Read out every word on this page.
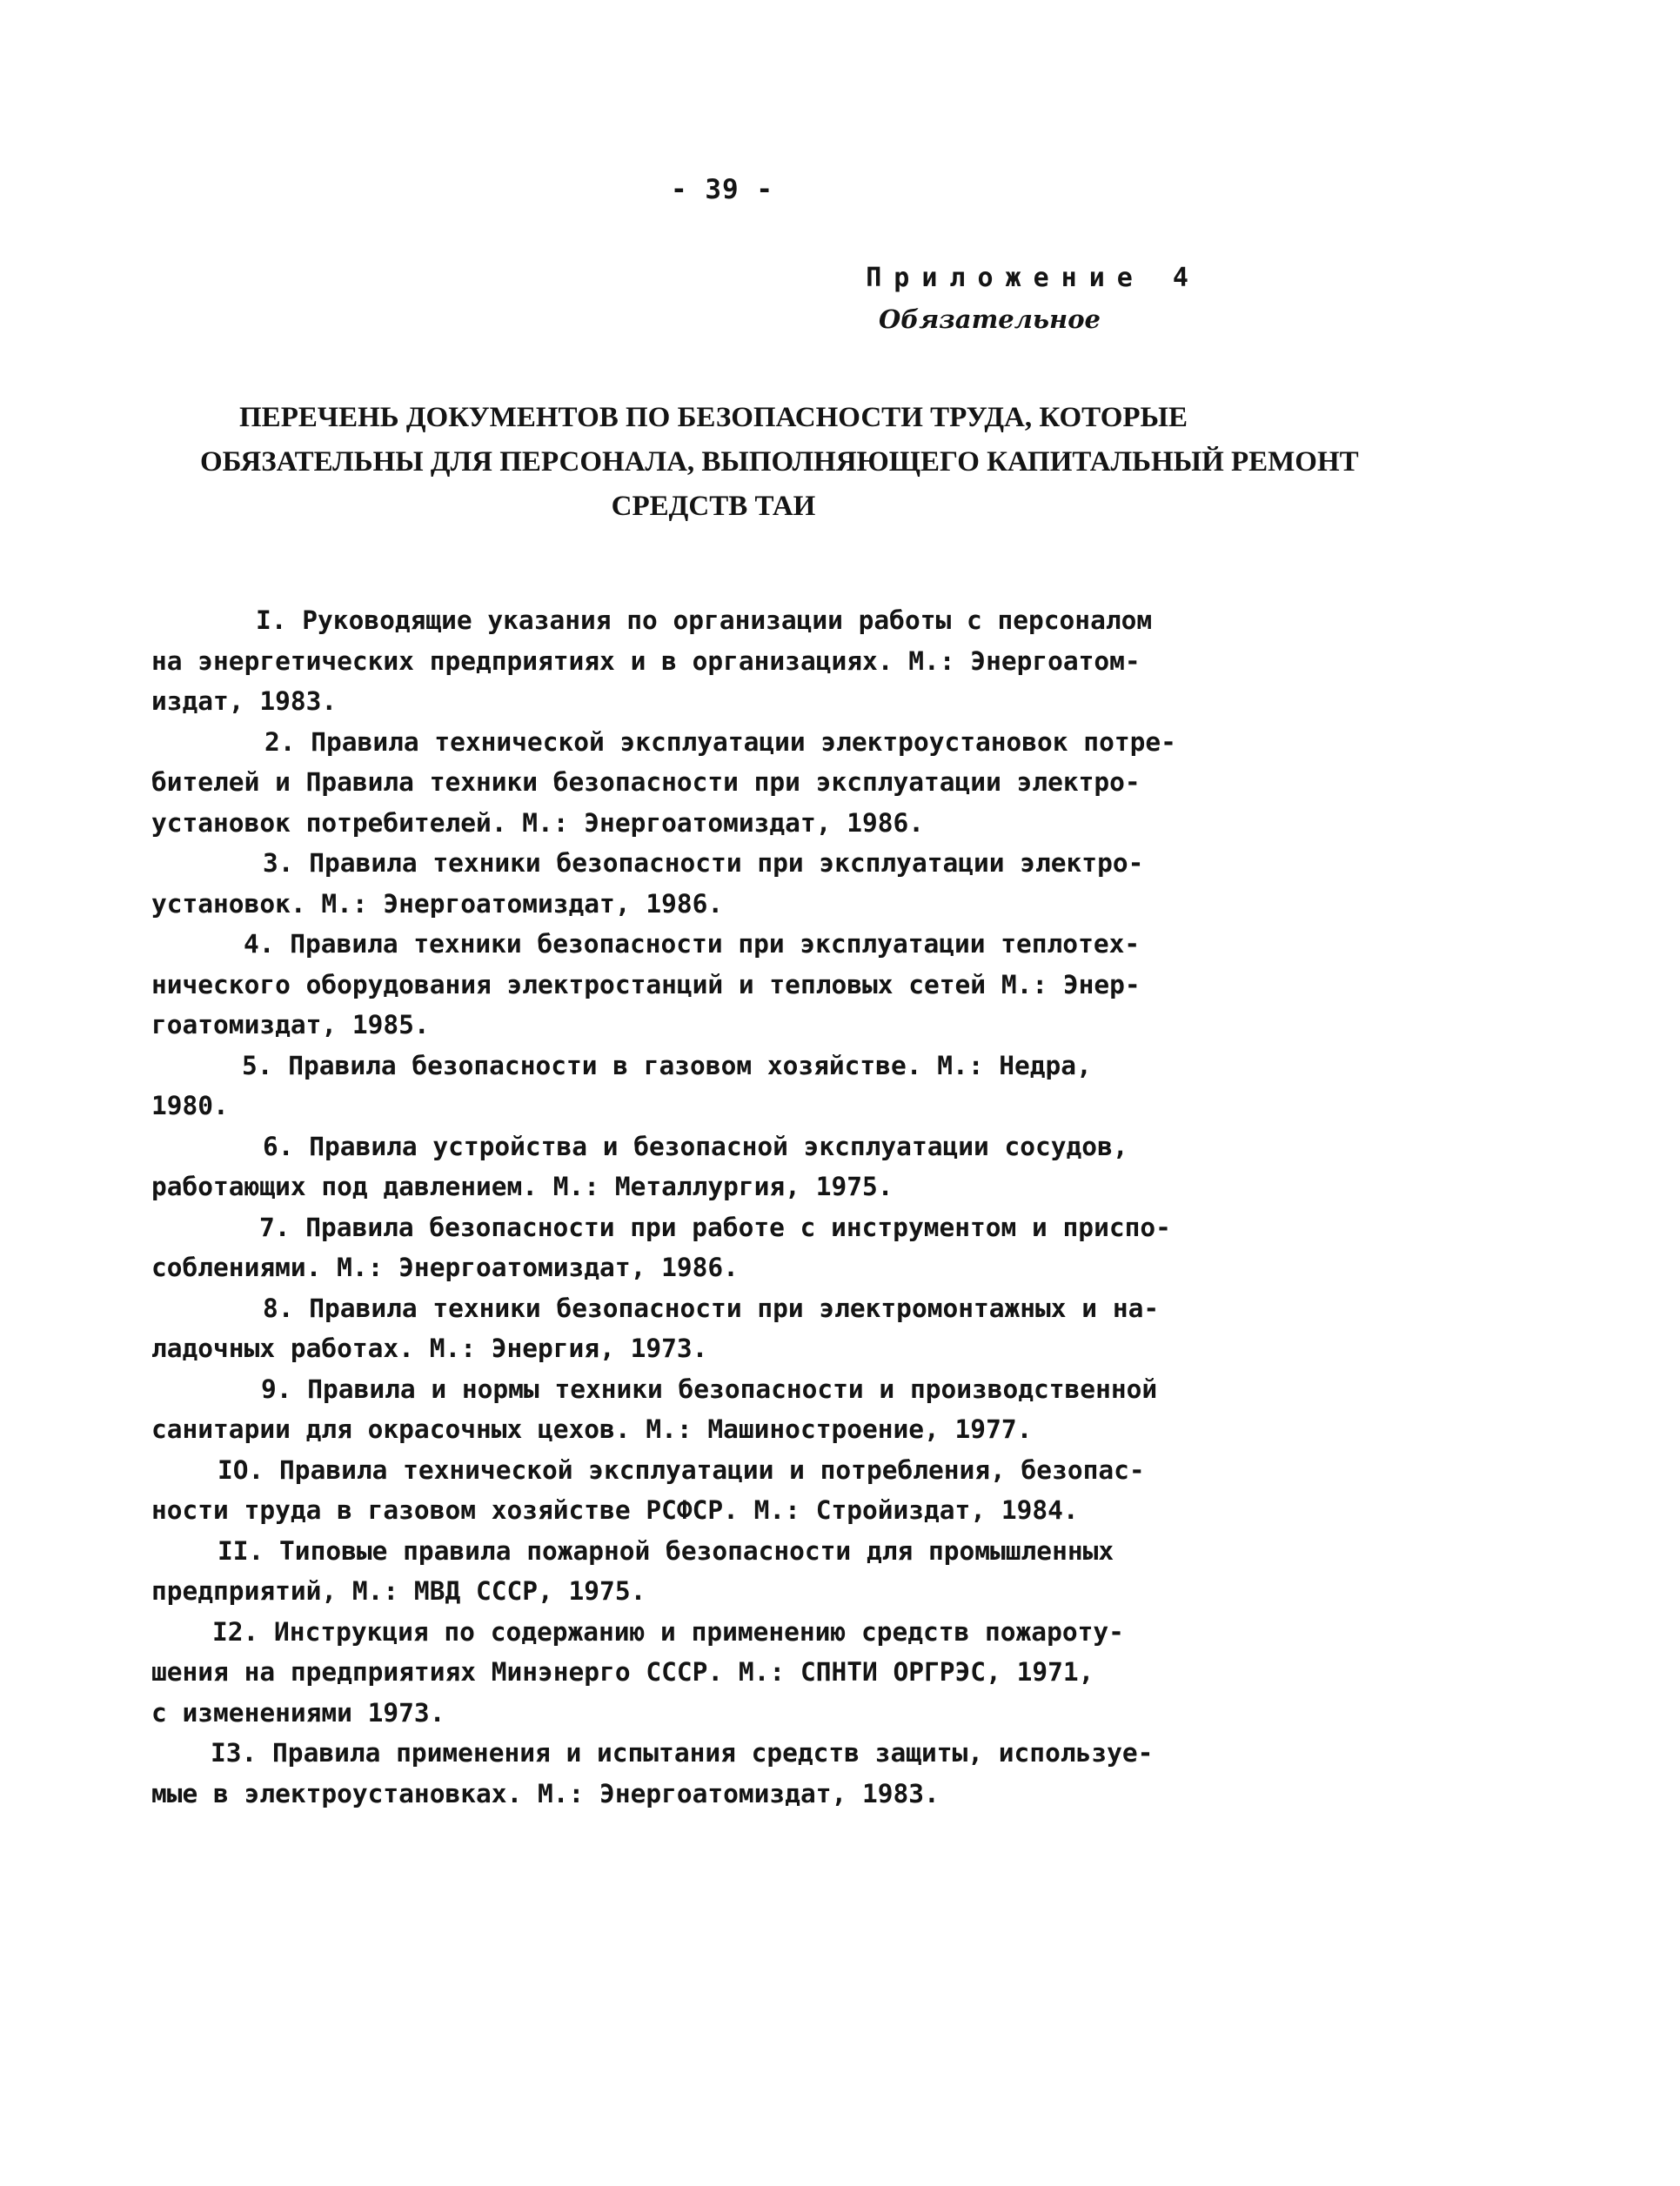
- 39 -
Приложение 4
Обязательное
ПЕРЕЧЕНЬ ДОКУМЕНТОВ ПО БЕЗОПАСНОСТИ ТРУДА, КОТОРЫЕ
ОБЯЗАТЕЛЬНЫ ДЛЯ ПЕРСОНАЛА, ВЫПОЛНЯЮЩЕГО КАПИТАЛЬНЫЙ РЕМОНТ
СРЕДСТВ ТАИ
I. Руководящие указания по организации работы с персоналом
на энергетических предприятиях и в организациях. М.: Энергоатом-
издат, 1983.
2. Правила технической эксплуатации электроустановок потре-
бителей и Правила техники безопасности при эксплуатации электро-
установок потребителей. М.: Энергоатомиздат, 1986.
3. Правила техники безопасности при эксплуатации электро-
установок. М.: Энергоатомиздат, 1986.
4. Правила техники безопасности при эксплуатации теплотех-
нического оборудования электростанций и тепловых сетей М.: Энер-
гоатомиздат, 1985.
5. Правила безопасности в газовом хозяйстве. М.: Недра,
1980.
6. Правила устройства и безопасной эксплуатации сосудов,
работающих под давлением. М.: Металлургия, 1975.
7. Правила безопасности при работе с инструментом и приспо-
соблениями. М.: Энергоатомиздат, 1986.
8. Правила техники безопасности при электромонтажных и на-
ладочных работах. М.: Энергия, 1973.
9. Правила и нормы техники безопасности и производственной
санитарии для окрасочных цехов. М.: Машиностроение, 1977.
IO. Правила технической эксплуатации и потребления, безопас-
ности труда в газовом хозяйстве РСФСР. М.: Стройиздат, 1984.
II. Типовые правила пожарной безопасности для промышленных
предприятий, М.: МВД СССР, 1975.
I2. Инструкция по содержанию и применению средств пожароту-
шения на предприятиях Минэнерго СССР. М.: СПНТИ ОРГРЭС, 1971,
с изменениями 1973.
I3. Правила применения и испытания средств защиты, используе-
мые в электроустановках. М.: Энергоатомиздат, 1983.
